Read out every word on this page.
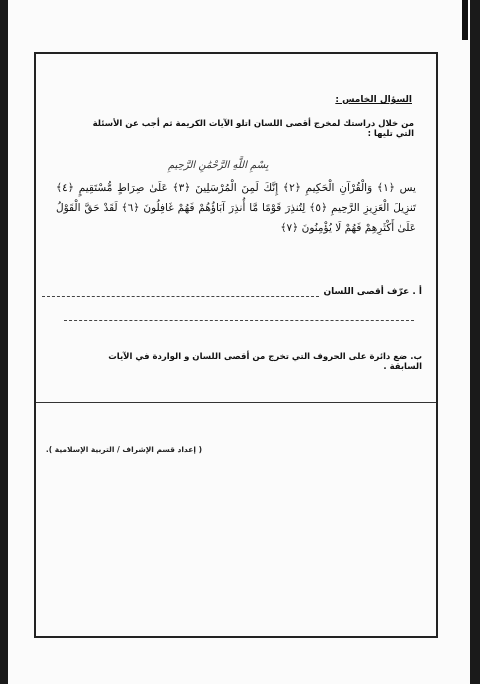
السؤال الخامس :
من خلال دراستك لمخرج أقصى اللسان اتلو الآيات الكريمة ثم أجب عن الأسئلة التي تليها :
بِسْمِ اللَّهِ الرَّحْمَٰنِ الرَّحِيمِ
يس ﴿١﴾ وَالْقُرْآنِ الْحَكِيمِ ﴿٢﴾ إِنَّكَ لَمِنَ الْمُرْسَلِينَ ﴿٣﴾ عَلَىٰ صِرَاطٍ مُّسْتَقِيمٍ ﴿٤﴾ تَنزِيلَ الْعَزِيزِ الرَّحِيمِ ﴿٥﴾ لِتُنذِرَ قَوْمًا مَّا أُنذِرَ آبَاؤُهُمْ فَهُمْ غَافِلُونَ ﴿٦﴾ لَقَدْ حَقَّ الْقَوْلُ عَلَىٰ أَكْثَرِهِمْ فَهُمْ لَا يُؤْمِنُونَ ﴿٧﴾
أ . عرّف أقصى اللسان
ب. ضع دائرة على الحروف التي تخرج من أقصى اللسان و الواردة في الآيات السابقة .
( إعداد قسم الإشراف / التربية الإسلامية ).
